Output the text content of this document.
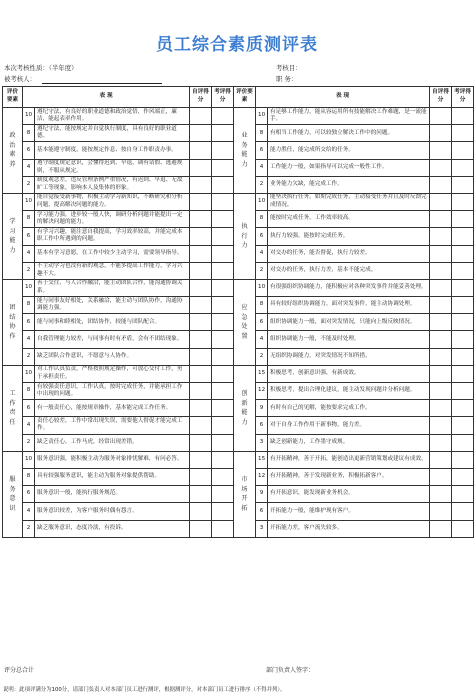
员工综合素质测评表
本次考核性质：（半年度）	考核目：
被考核人：	职 务：
评价要素	表 现		自评得分	考评得分	评价要素	表 现		自评得分	考评得分

政治素养	10	遵纪守法，有良好的职业道德和政治觉悟，作风端正，廉洁，能起表率作用。			业务能力	10	有足够工作能力，能从容运用所有技能解决工作难题，是一流能手。		
	8	遵纪守法，能按规定并自觉执行制度，具有良好的职业道德。				8	有相当工作能力，可以较独立解决工作中的问题。		
	6	基本能遵守制度，能按规定作息、按自身工作职责办事。				6	能力胜任，能完成所交给的任务。		
	4	遵守制度规定意识，会懂得迟到、早退，调有请假、逃避规则，不服从规定。				4	工作能力一般，如果指导可以完成一般性工作。		
	2	制度观念差，违反管理条例严重情况，有迟到、早退、无故旷工等现象，影响本人及集体的形象。				2	业务能力欠缺，能完成工作。		

学习能力	10	能自觉接受新事物，积极主动学习新知识，不断研究和分析问题，提高解决问题的能力。			执行力	10	能坚决执行任务，如期完成任务，主动接受任务并且及时反馈完成情况。		
	8	学习能力强，进步较一般人快，调研分析问题并能提出一定的解决问题的能力。				8	能按时完成任务，工作效率较高。		
	6	有学习兴趣，能注意自我提高，学习效率较高，并能完成本职工作中所遇到的问题。				6	执行力较强，能按时完成任务。		
	4	基本有学习意愿，在工作中较少主动学习，需要领导指导。				4	对交办的任务，能否督促，执行力较差。		
	2	不主动学习也没有新的观念，不能多提高工作能力，学习兴趣不大。				2	对交办的任务，执行力差，基本不能完成。		

团结协作	10	善于交往，与人合作融洽，能主动团队合作，能沟通协调关系。			应急处置	10	有很强组织协调能力，能积极应对各种突发事件并能妥善处理。		
	8	能与同事友好相处，关系融洽，能主动与团队协作，沟通协调能力强。				8	具有较好组织协调能力，面对突发事件，能主动协调处理。		
	6	能与同事和睦相处，团结协作，较能与团队配合。				6	组织协调能力一般，面对突发情况，只能向上级反映情况。		
	4	自我管理能力较差，与同事有时有矛盾，会有不团结现象。				4	组织协调能力一般，不能及时处理。		
	2	缺乏团队合作意识，不愿意与人协作。				2	无组织协调能力，对突发情况不知所措。		

工作责任	10	对工作认真负责，严格按照规定操作，可放心交付工作，勇于承担责任。			创新能力	15	积极思考，创新意识强，有新成效。		
	8	有较强责任意识，工作认真，按时完成任务，并能承担工作中出现的问题。				12	积极思考，提出合理化建议，能主动发现问题并分析问题。		
	6	有一般责任心，能按规章操作，基本能完成工作任务。				9	有时有自己的见解，能按要求完成工作。		
	4	责任心较差，工作中常出现失误，需要他人督促才能完成工作。				6	对于自身工作作用于新事物，能力差。		
	2	缺乏责任心，工作马虎，经常出现差错。				3	缺乏创新能力，工作墨守成规。		

服务意识	10	服务意识强，能积极主动为服务对象排忧解难，有问必答。			市场开拓	15	有开拓精神，善于开拓，能创造出更新营销策划或建议有成效。		
	8	具有较强服务意识，能主动为服务对象提供帮助。				12	有开拓精神，善于发现新业务，积极拓新客户。		
	6	服务意识一般，能执行服务规范。				9	有开拓意识，能发现新业务机会。		
	4	服务意识较差，为客户服务时偶有怨言。				6	开拓能力一般，能维护现有客户。		
	2	缺乏服务意识，态度冷淡，有投诉。				3	开拓能力差，客户流失较多。		
评分总合计	部门负责人签字：
说明：此项评满分为100分，请部门负责人对本部门员工进行测评，根据测评分，对本部门员工进行排序（不得并列）。
